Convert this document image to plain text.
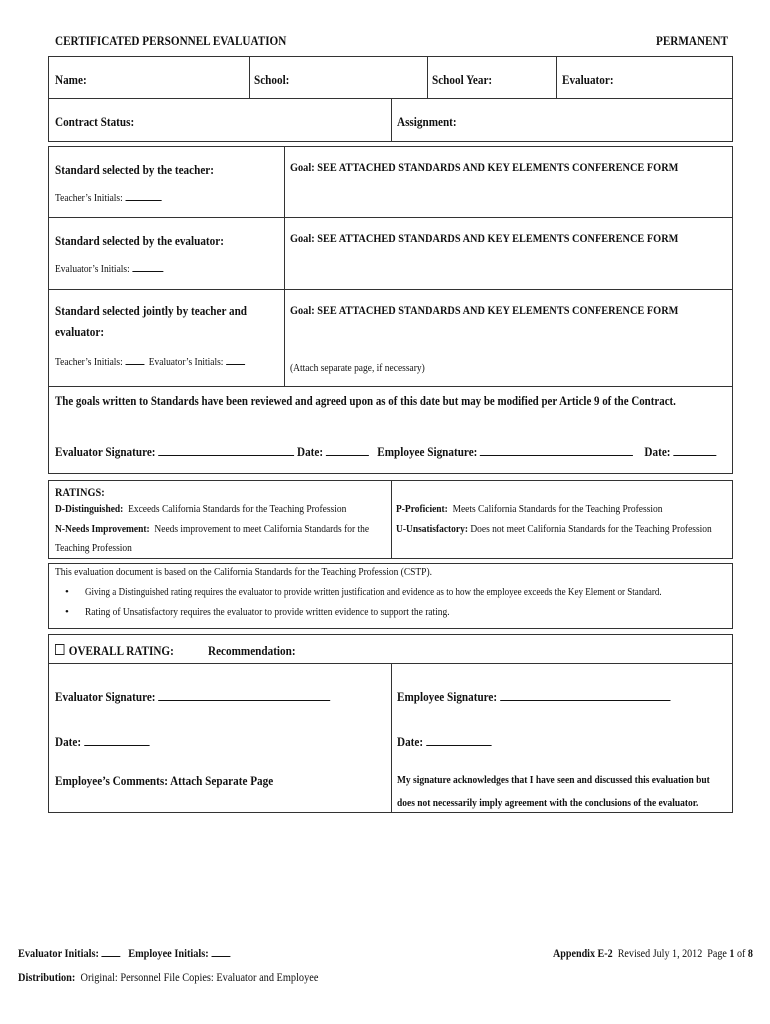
CERTIFICATED PERSONNEL EVALUATION	PERMANENT
Name:	School:	School Year:	Evaluator:
Contract Status:	Assignment:
Standard selected by the teacher:
Teacher’s Initials:
Goal: SEE ATTACHED STANDARDS AND KEY ELEMENTS CONFERENCE FORM
Standard selected by the evaluator:
Evaluator’s Initials:
Goal: SEE ATTACHED STANDARDS AND KEY ELEMENTS CONFERENCE FORM
Standard selected jointly by teacher and
evaluator:
Teacher’s Initials: Evaluator’s Initials:
Goal: SEE ATTACHED STANDARDS AND KEY ELEMENTS CONFERENCE FORM
(Attach separate page, if necessary)
The goals written to Standards have been reviewed and agreed upon as of this date but may be modified per Article 9 of the Contract.
Evaluator Signature:	Date:	Employee Signature:	Date:
RATINGS:
D-Distinguished: Exceeds California Standards for the Teaching Profession
N-Needs Improvement: Needs improvement to meet California Standards for the
Teaching Profession
P-Proficient: Meets California Standards for the Teaching Profession
U-Unsatisfactory: Does not meet California Standards for the Teaching Profession
This evaluation document is based on the California Standards for the Teaching Profession (CSTP).
• Giving a Distinguished rating requires the evaluator to provide written justification and evidence as to how the employee exceeds the Key Element or Standard.
• Rating of Unsatisfactory requires the evaluator to provide written evidence to support the rating.
OVERALL RATING:	Recommendation:
Evaluator Signature:	Employee Signature:
Date:	Date:
Employee’s Comments: Attach Separate Page	My signature acknowledges that I have seen and discussed this evaluation but
does not necessarily imply agreement with the conclusions of the evaluator.
Evaluator Initials: Employee Initials:
Distribution: Original: Personnel File Copies: Evaluator and Employee
Appendix E-2 Revised July 1, 2012 Page 1 of 8
